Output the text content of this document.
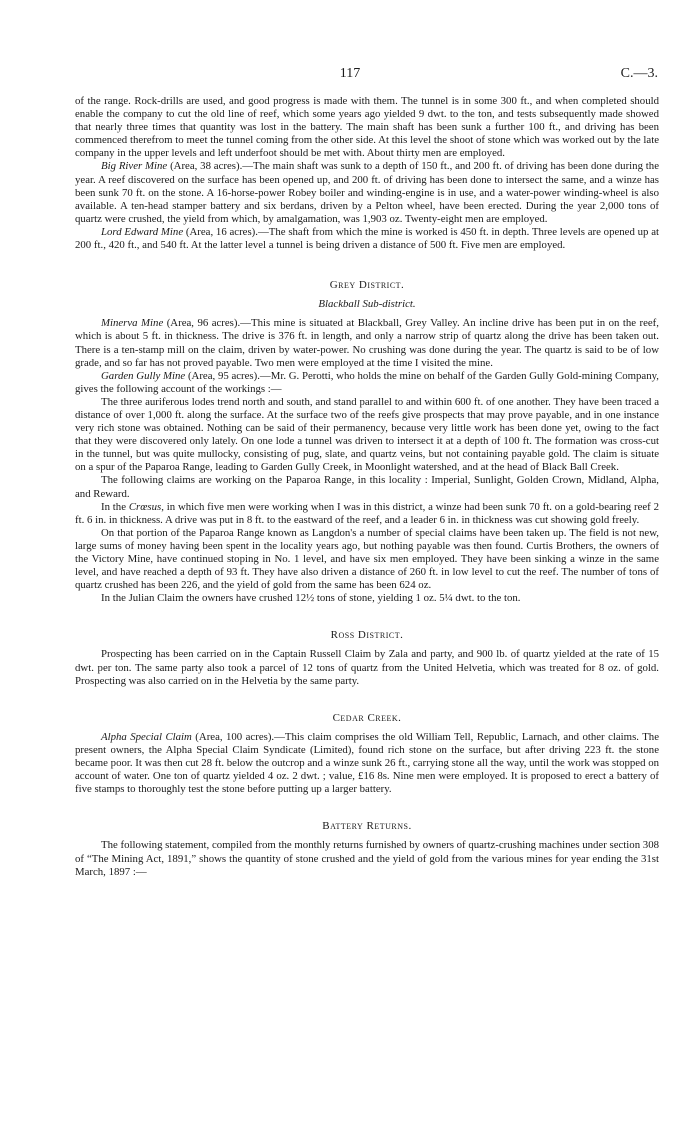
117	C.—3.

of the range. Rock-drills are used, and good progress is made with them. The tunnel is in some 300 ft., and when completed should enable the company to cut the old line of reef, which some years ago yielded 9 dwt. to the ton, and tests subsequently made showed that nearly three times that quantity was lost in the battery. The main shaft has been sunk a further 100 ft., and driving has been commenced therefrom to meet the tunnel coming from the other side. At this level the shoot of stone which was worked out by the late company in the upper levels and left underfoot should be met with. About thirty men are employed.

Big River Mine (Area, 38 acres).—The main shaft was sunk to a depth of 150 ft., and 200 ft. of driving has been done during the year. A reef discovered on the surface has been opened up, and 200 ft. of driving has been done to intersect the same, and a winze has been sunk 70 ft. on the stone. A 16-horse-power Robey boiler and winding-engine is in use, and a water-power winding-wheel is also available. A ten-head stamper battery and six berdans, driven by a Pelton wheel, have been erected. During the year 2,000 tons of quartz were crushed, the yield from which, by amalgamation, was 1,903 oz. Twenty-eight men are employed.

Lord Edward Mine (Area, 16 acres).—The shaft from which the mine is worked is 450 ft. in depth. Three levels are opened up at 200 ft., 420 ft., and 540 ft. At the latter level a tunnel is being driven a distance of 500 ft. Five men are employed.

Grey District.
Blackball Sub-district.

Minerva Mine (Area, 96 acres).—This mine is situated at Blackball, Grey Valley. An incline drive has been put in on the reef, which is about 5 ft. in thickness. The drive is 376 ft. in length, and only a narrow strip of quartz along the drive has been taken out. There is a ten-stamp mill on the claim, driven by water-power. No crushing was done during the year. The quartz is said to be of low grade, and so far has not proved payable. Two men were employed at the time I visited the mine.

Garden Gully Mine (Area, 95 acres).—Mr. G. Perotti, who holds the mine on behalf of the Garden Gully Gold-mining Company, gives the following account of the workings :—

The three auriferous lodes trend north and south, and stand parallel to and within 600 ft. of one another. They have been traced a distance of over 1,000 ft. along the surface. At the surface two of the reefs give prospects that may prove payable, and in one instance very rich stone was obtained. Nothing can be said of their permanency, because very little work has been done yet, owing to the fact that they were discovered only lately. On one lode a tunnel was driven to intersect it at a depth of 100 ft. The formation was cross-cut in the tunnel, but was quite mullocky, consisting of pug, slate, and quartz veins, but not containing payable gold. The claim is situate on a spur of the Paparoa Range, leading to Garden Gully Creek, in Moonlight watershed, and at the head of Black Ball Creek.

The following claims are working on the Paparoa Range, in this locality : Imperial, Sunlight, Golden Crown, Midland, Alpha, and Reward.

In the Crœsus, in which five men were working when I was in this district, a winze had been sunk 70 ft. on a gold-bearing reef 2 ft. 6 in. in thickness. A drive was put in 8 ft. to the eastward of the reef, and a leader 6 in. in thickness was cut showing gold freely.

On that portion of the Paparoa Range known as Langdon's a number of special claims have been taken up. The field is not new, large sums of money having been spent in the locality years ago, but nothing payable was then found. Curtis Brothers, the owners of the Victory Mine, have continued stoping in No. 1 level, and have six men employed. They have been sinking a winze in the same level, and have reached a depth of 93 ft. They have also driven a distance of 260 ft. in low level to cut the reef. The number of tons of quartz crushed has been 226, and the yield of gold from the same has been 624 oz.

In the Julian Claim the owners have crushed 12½ tons of stone, yielding 1 oz. 5¼ dwt. to the ton.

Ross District.

Prospecting has been carried on in the Captain Russell Claim by Zala and party, and 900 lb. of quartz yielded at the rate of 15 dwt. per ton. The same party also took a parcel of 12 tons of quartz from the United Helvetia, which was treated for 8 oz. of gold. Prospecting was also carried on in the Helvetia by the same party.

Cedar Creek.

Alpha Special Claim (Area, 100 acres).—This claim comprises the old William Tell, Republic, Larnach, and other claims. The present owners, the Alpha Special Claim Syndicate (Limited), found rich stone on the surface, but after driving 223 ft. the stone became poor. It was then cut 28 ft. below the outcrop and a winze sunk 26 ft., carrying stone all the way, until the work was stopped on account of water. One ton of quartz yielded 4 oz. 2 dwt. ; value, £16 8s. Nine men were employed. It is proposed to erect a battery of five stamps to thoroughly test the stone before putting up a larger battery.

Battery Returns.

The following statement, compiled from the monthly returns furnished by owners of quartz-crushing machines under section 308 of “The Mining Act, 1891,” shows the quantity of stone crushed and the yield of gold from the various mines for year ending the 31st March, 1897 :—
